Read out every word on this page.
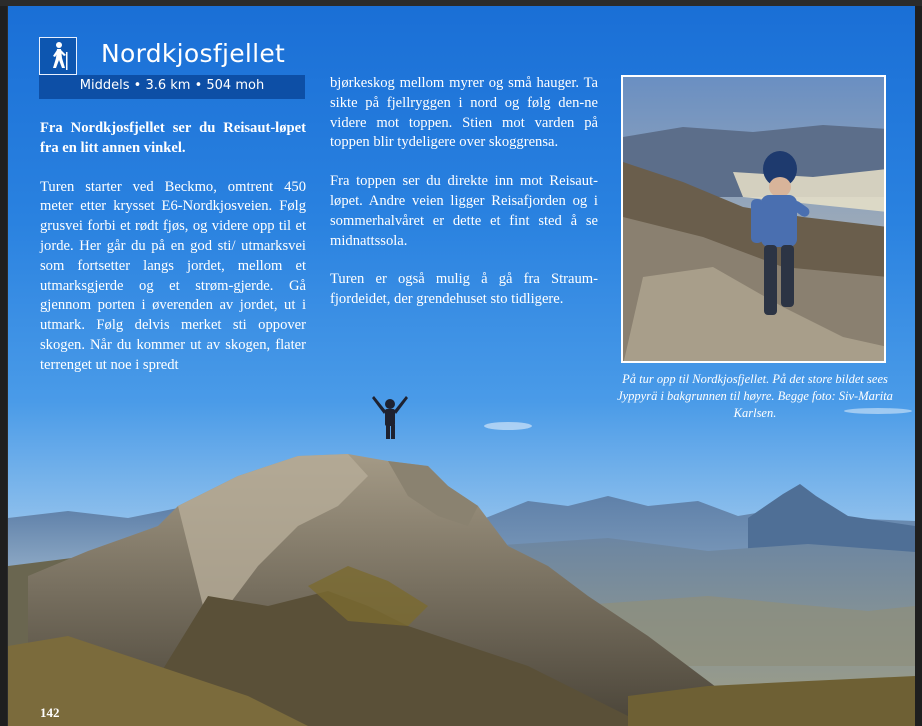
Nordkjosfjellet
Middels • 3.6 km • 504 moh

Fra Nordkjosfjellet ser du Reisaut-løpet fra en litt annen vinkel.

Turen starter ved Beckmo, omtrent 450 meter etter krysset E6-Nordkjosveien. Følg grusvei forbi et rødt fjøs, og videre opp til et jorde. Her går du på en god sti/ utmarksvei som fortsetter langs jordet, mellom et utmarksgjerde og et strøm-gjerde. Gå gjennom porten i øverenden av jordet, ut i utmark. Følg delvis merket sti oppover skogen. Når du kommer ut av skogen, flater terrenget ut noe i spredt

bjørkeskog mellom myrer og små hauger. Ta sikte på fjellryggen i nord og følg den-ne videre mot toppen. Stien mot varden på toppen blir tydeligere over skoggrensa.

Fra toppen ser du direkte inn mot Reisaut-løpet. Andre veien ligger Reisafjorden og i sommerhalvåret er dette et fint sted å se midnattssola.

Turen er også mulig å gå fra Straum-fjordeidet, der grendehuset sto tidligere.

På tur opp til Nordkjosfjellet. På det store bildet sees Jyppyrä i bakgrunnen til høyre. Begge foto: Siv-Marita Karlsen.
142
